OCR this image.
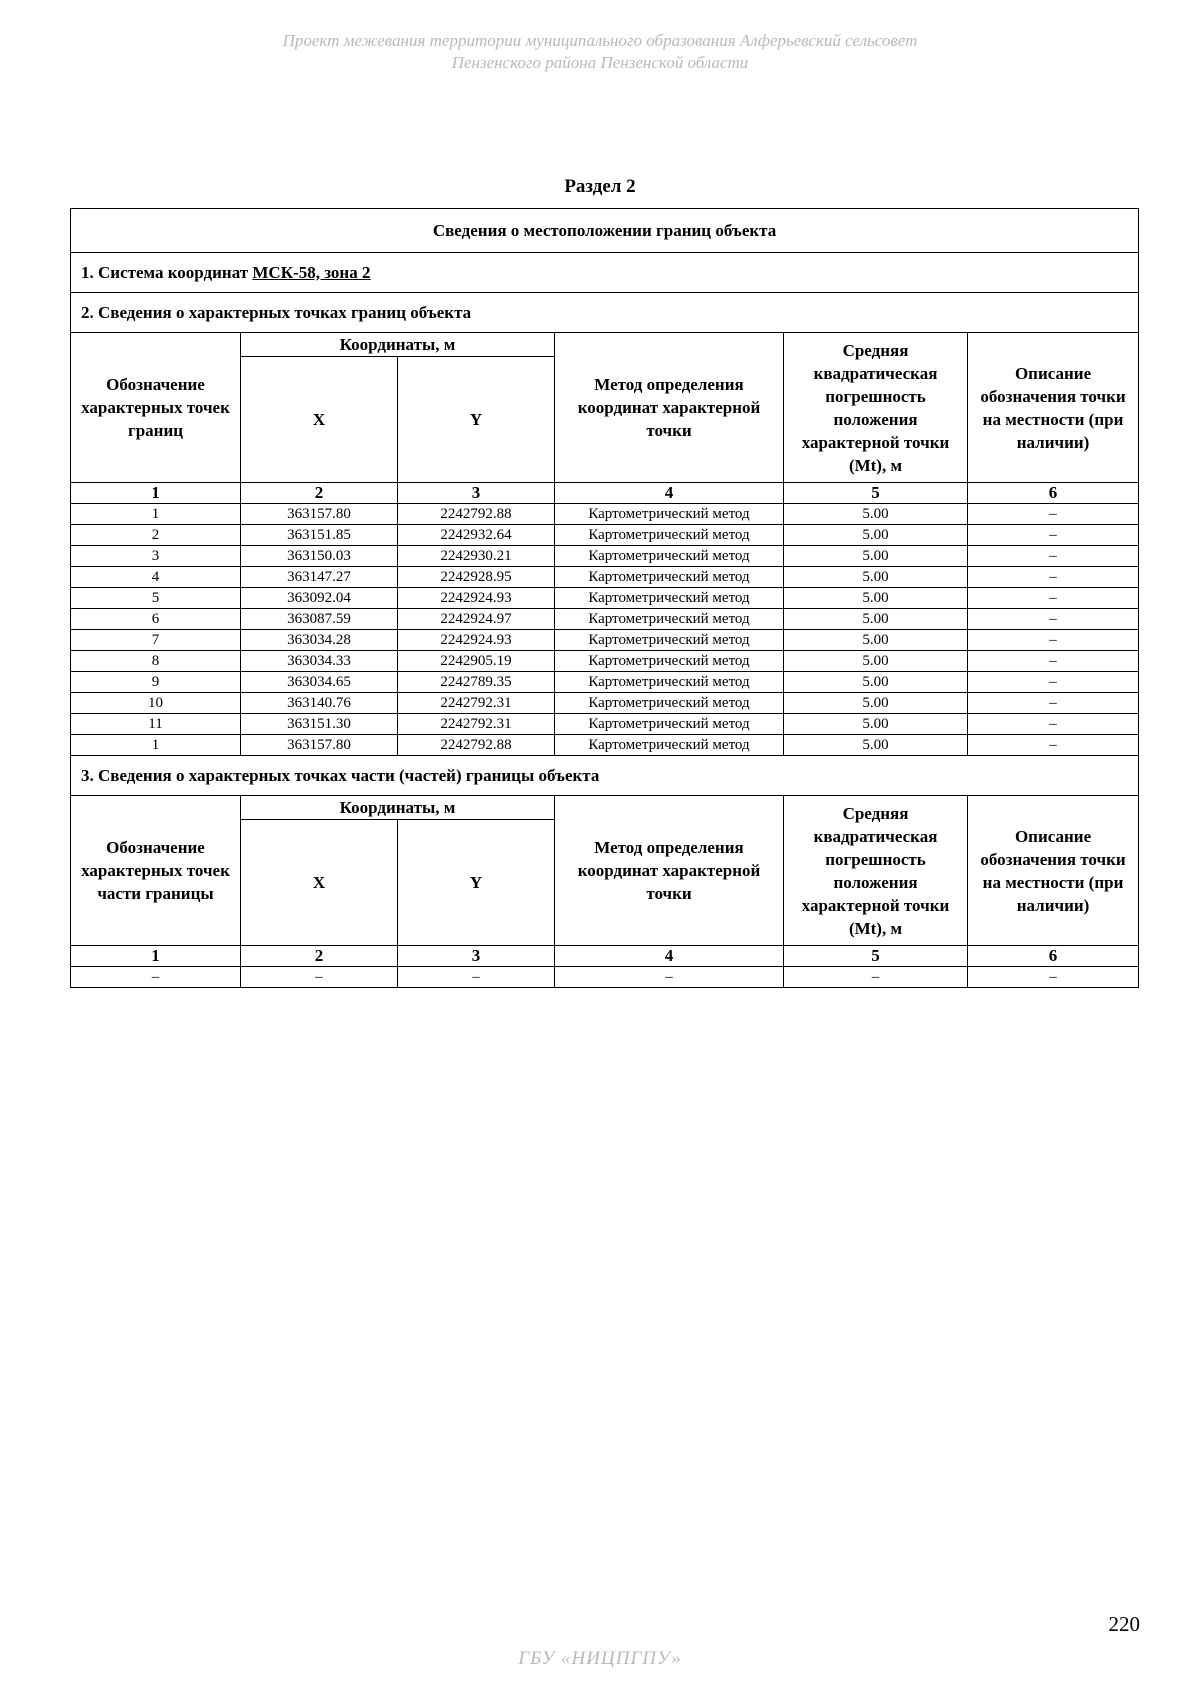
Проект межевания территории муниципального образования Алферьевский сельсовет
Пензенского района Пензенской области
Раздел 2
Сведения о местоположении границ объекта					
1. Система координат МСК-58, зона 2					
2. Сведения о характерных точках границ объекта					
Обозначение характерных точек границ	Координаты, м		Метод определения координат характерной точки	Средняя квадратическая погрешность положения характерной точки (Mt), м	Описание обозначения точки на местности (при наличии)
	X	Y			
1	2	3	4	5	6
1	363157.80	2242792.88	Картометрический метод	5.00	–
2	363151.85	2242932.64	Картометрический метод	5.00	–
3	363150.03	2242930.21	Картометрический метод	5.00	–
4	363147.27	2242928.95	Картометрический метод	5.00	–
5	363092.04	2242924.93	Картометрический метод	5.00	–
6	363087.59	2242924.97	Картометрический метод	5.00	–
7	363034.28	2242924.93	Картометрический метод	5.00	–
8	363034.33	2242905.19	Картометрический метод	5.00	–
9	363034.65	2242789.35	Картометрический метод	5.00	–
10	363140.76	2242792.31	Картометрический метод	5.00	–
11	363151.30	2242792.31	Картометрический метод	5.00	–
1	363157.80	2242792.88	Картометрический метод	5.00	–
3. Сведения о характерных точках части (частей) границы объекта					
Обозначение характерных точек части границы	Координаты, м		Метод определения координат характерной точки	Средняя квадратическая погрешность положения характерной точки (Mt), м	Описание обозначения точки на местности (при наличии)
	X	Y			
1	2	3	4	5	6
–	–	–	–	–	–
220
ГБУ «НИЦПГПУ»
